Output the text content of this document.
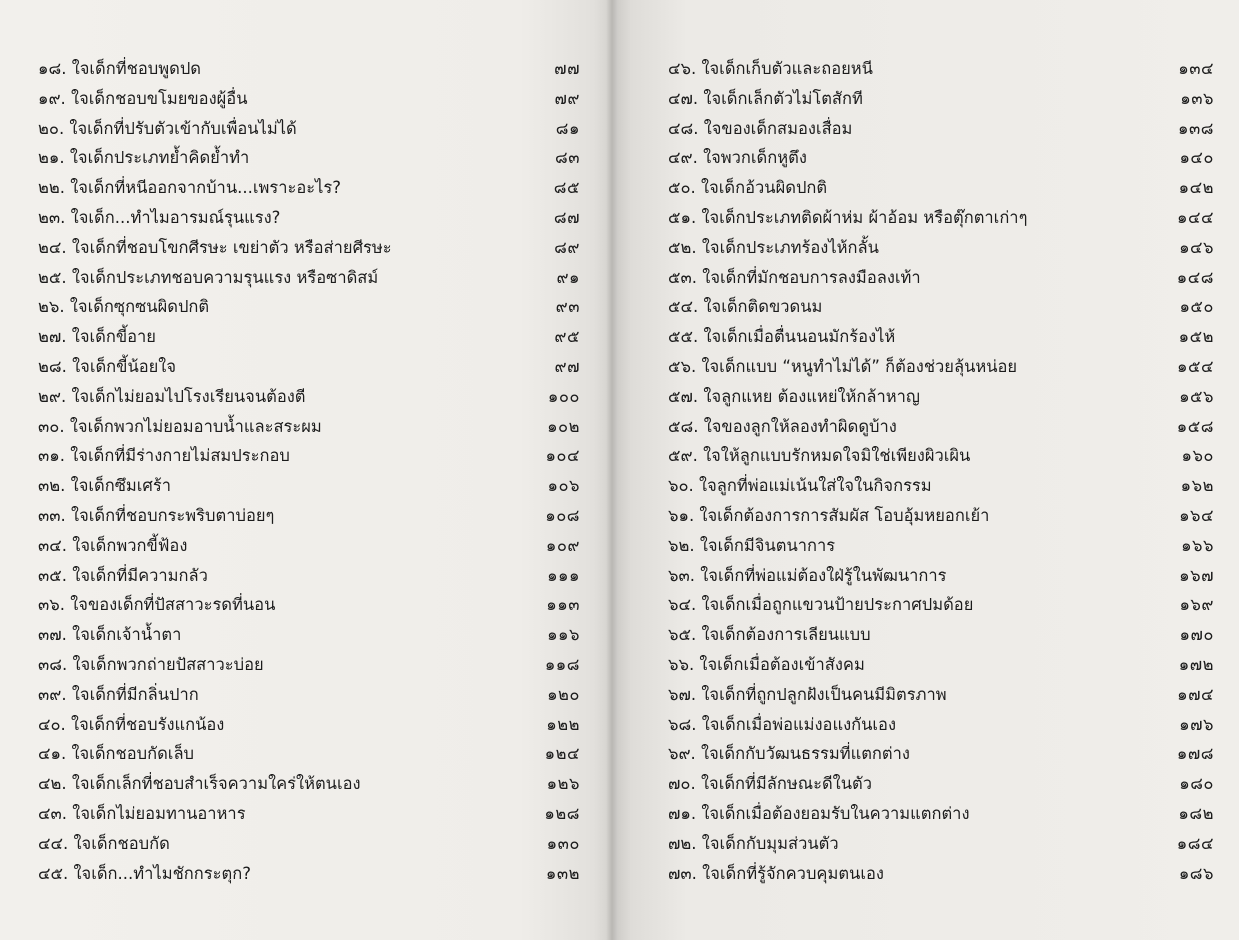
๑๘. ใจเด็กที่ชอบพูดปด	๗๗
๑๙. ใจเด็กชอบขโมยของผู้อื่น	๗๙
๒๐. ใจเด็กที่ปรับตัวเข้ากับเพื่อนไม่ได้	๘๑
๒๑. ใจเด็กประเภทย้ำคิดย้ำทำ	๘๓
๒๒. ใจเด็กที่หนีออกจากบ้าน...เพราะอะไร?	๘๕
๒๓. ใจเด็ก...ทำไมอารมณ์รุนแรง?	๘๗
๒๔. ใจเด็กที่ชอบโขกศีรษะ เขย่าตัว หรือส่ายศีรษะ	๘๙
๒๕. ใจเด็กประเภทชอบความรุนแรง หรือซาดิสม์	๙๑
๒๖. ใจเด็กซุกซนผิดปกติ	๙๓
๒๗. ใจเด็กขี้อาย	๙๕
๒๘. ใจเด็กขี้น้อยใจ	๙๗
๒๙. ใจเด็กไม่ยอมไปโรงเรียนจนต้องตี	๑๐๐
๓๐. ใจเด็กพวกไม่ยอมอาบน้ำและสระผม	๑๐๒
๓๑. ใจเด็กที่มีร่างกายไม่สมประกอบ	๑๐๔
๓๒. ใจเด็กซึมเศร้า	๑๐๖
๓๓. ใจเด็กที่ชอบกระพริบตาบ่อยๆ	๑๐๘
๓๔. ใจเด็กพวกขี้ฟ้อง	๑๐๙
๓๕. ใจเด็กที่มีความกลัว	๑๑๑
๓๖. ใจของเด็กที่ปัสสาวะรดที่นอน	๑๑๓
๓๗. ใจเด็กเจ้าน้ำตา	๑๑๖
๓๘. ใจเด็กพวกถ่ายปัสสาวะบ่อย	๑๑๘
๓๙. ใจเด็กที่มีกลิ่นปาก	๑๒๐
๔๐. ใจเด็กที่ชอบรังแกน้อง	๑๒๒
๔๑. ใจเด็กชอบกัดเล็บ	๑๒๔
๔๒. ใจเด็กเล็กที่ชอบสำเร็จความใคร่ให้ตนเอง	๑๒๖
๔๓. ใจเด็กไม่ยอมทานอาหาร	๑๒๘
๔๔. ใจเด็กชอบกัด	๑๓๐
๔๕. ใจเด็ก...ทำไมชักกระตุก?	๑๓๒
๔๖. ใจเด็กเก็บตัวและถอยหนี	๑๓๔
๔๗. ใจเด็กเล็กตัวไม่โตสักที	๑๓๖
๔๘. ใจของเด็กสมองเสื่อม	๑๓๘
๔๙. ใจพวกเด็กหูตึง	๑๔๐
๕๐. ใจเด็กอ้วนผิดปกติ	๑๔๒
๕๑. ใจเด็กประเภทติดผ้าห่ม ผ้าอ้อม หรือตุ๊กตาเก่าๆ	๑๔๔
๕๒. ใจเด็กประเภทร้องไห้กลั้น	๑๔๖
๕๓. ใจเด็กที่มักชอบการลงมือลงเท้า	๑๔๘
๕๔. ใจเด็กติดขวดนม	๑๕๐
๕๕. ใจเด็กเมื่อตื่นนอนมักร้องไห้	๑๕๒
๕๖. ใจเด็กแบบ “หนูทำไม่ได้” ก็ต้องช่วยลุ้นหน่อย	๑๕๔
๕๗. ใจลูกแหย ต้องแหย่ให้กล้าหาญ	๑๕๖
๕๘. ใจของลูกให้ลองทำผิดดูบ้าง	๑๕๘
๕๙. ใจให้ลูกแบบรักหมดใจมิใช่เพียงผิวเผิน	๑๖๐
๖๐. ใจลูกที่พ่อแม่เน้นใส่ใจในกิจกรรม	๑๖๒
๖๑. ใจเด็กต้องการการสัมผัส โอบอุ้มหยอกเย้า	๑๖๔
๖๒. ใจเด็กมีจินตนาการ	๑๖๖
๖๓. ใจเด็กที่พ่อแม่ต้องใฝ่รู้ในพัฒนาการ	๑๖๗
๖๔. ใจเด็กเมื่อถูกแขวนป้ายประกาศปมด้อย	๑๖๙
๖๕. ใจเด็กต้องการเลียนแบบ	๑๗๐
๖๖. ใจเด็กเมื่อต้องเข้าสังคม	๑๗๒
๖๗. ใจเด็กที่ถูกปลูกฝังเป็นคนมีมิตรภาพ	๑๗๔
๖๘. ใจเด็กเมื่อพ่อแม่งอแงกันเอง	๑๗๖
๖๙. ใจเด็กกับวัฒนธรรมที่แตกต่าง	๑๗๘
๗๐. ใจเด็กที่มีลักษณะดีในตัว	๑๘๐
๗๑. ใจเด็กเมื่อต้องยอมรับในความแตกต่าง	๑๘๒
๗๒. ใจเด็กกับมุมส่วนตัว	๑๘๔
๗๓. ใจเด็กที่รู้จักควบคุมตนเอง	๑๘๖
